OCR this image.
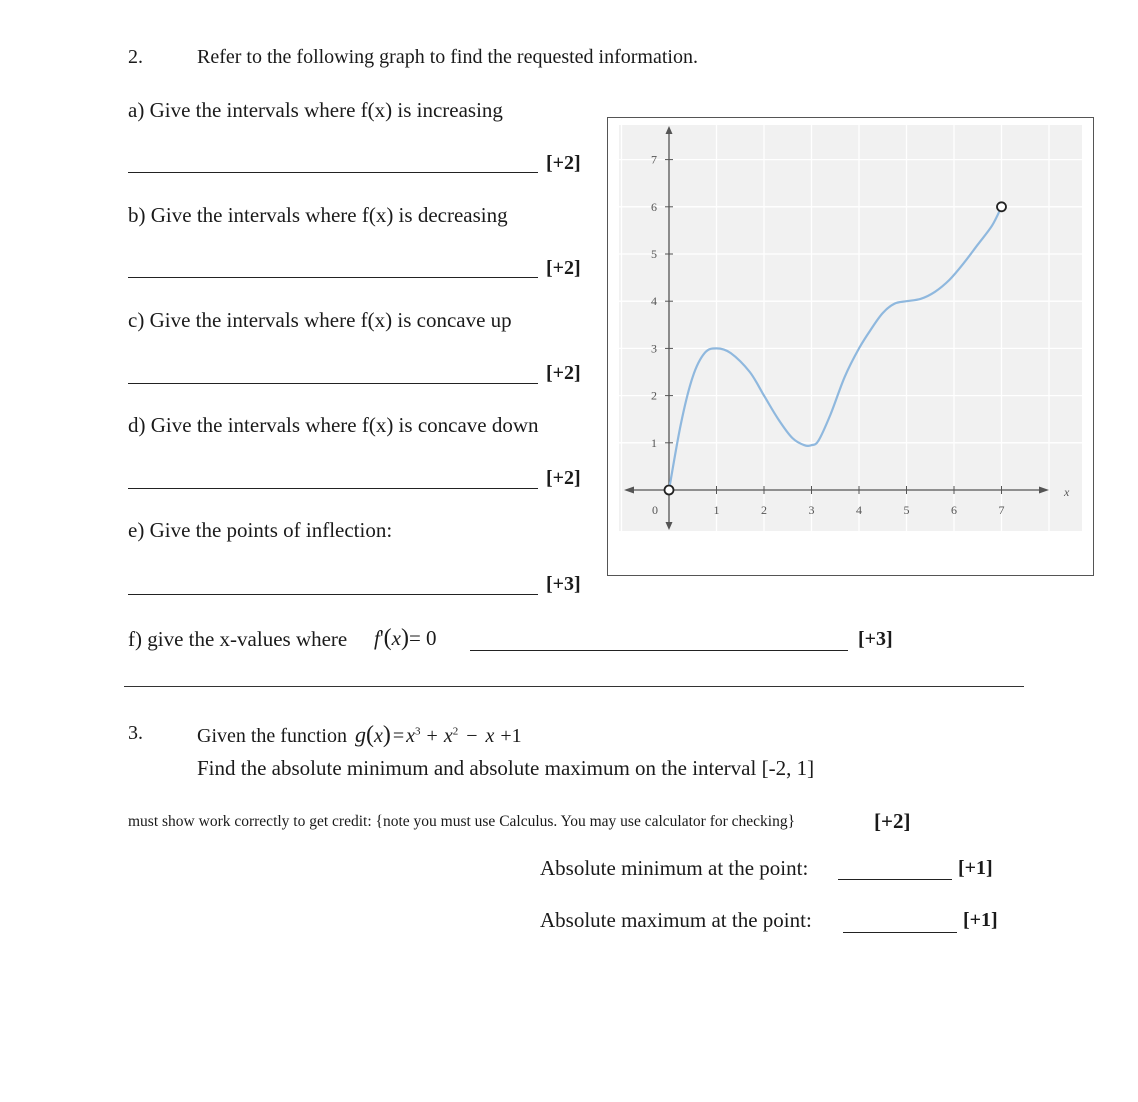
2.	Refer to the following graph to find the requested information.
a) Give the intervals where f(x) is increasing
[+2]
b) Give the intervals where f(x) is decreasing
[+2]
c) Give the intervals where f(x) is concave up
[+2]
d) Give the intervals where f(x) is concave down
[+2]
e) Give the points of inflection:
[+3]
f) give the x-values where f'(x)= 0	[+3]
0	1	2	3	4	5	6	7
1
2
3
4
5
6
7
x
3.	Given the function $g(x) = x^3 + x^2 - x +1$
Find the absolute minimum and absolute maximum on the interval [-2, 1]
must show work correctly to get credit: {note you must use Calculus. You may use calculator for checking}	[+2]
Absolute minimum at the point:	[+1]
Absolute maximum at the point:	[+1]
